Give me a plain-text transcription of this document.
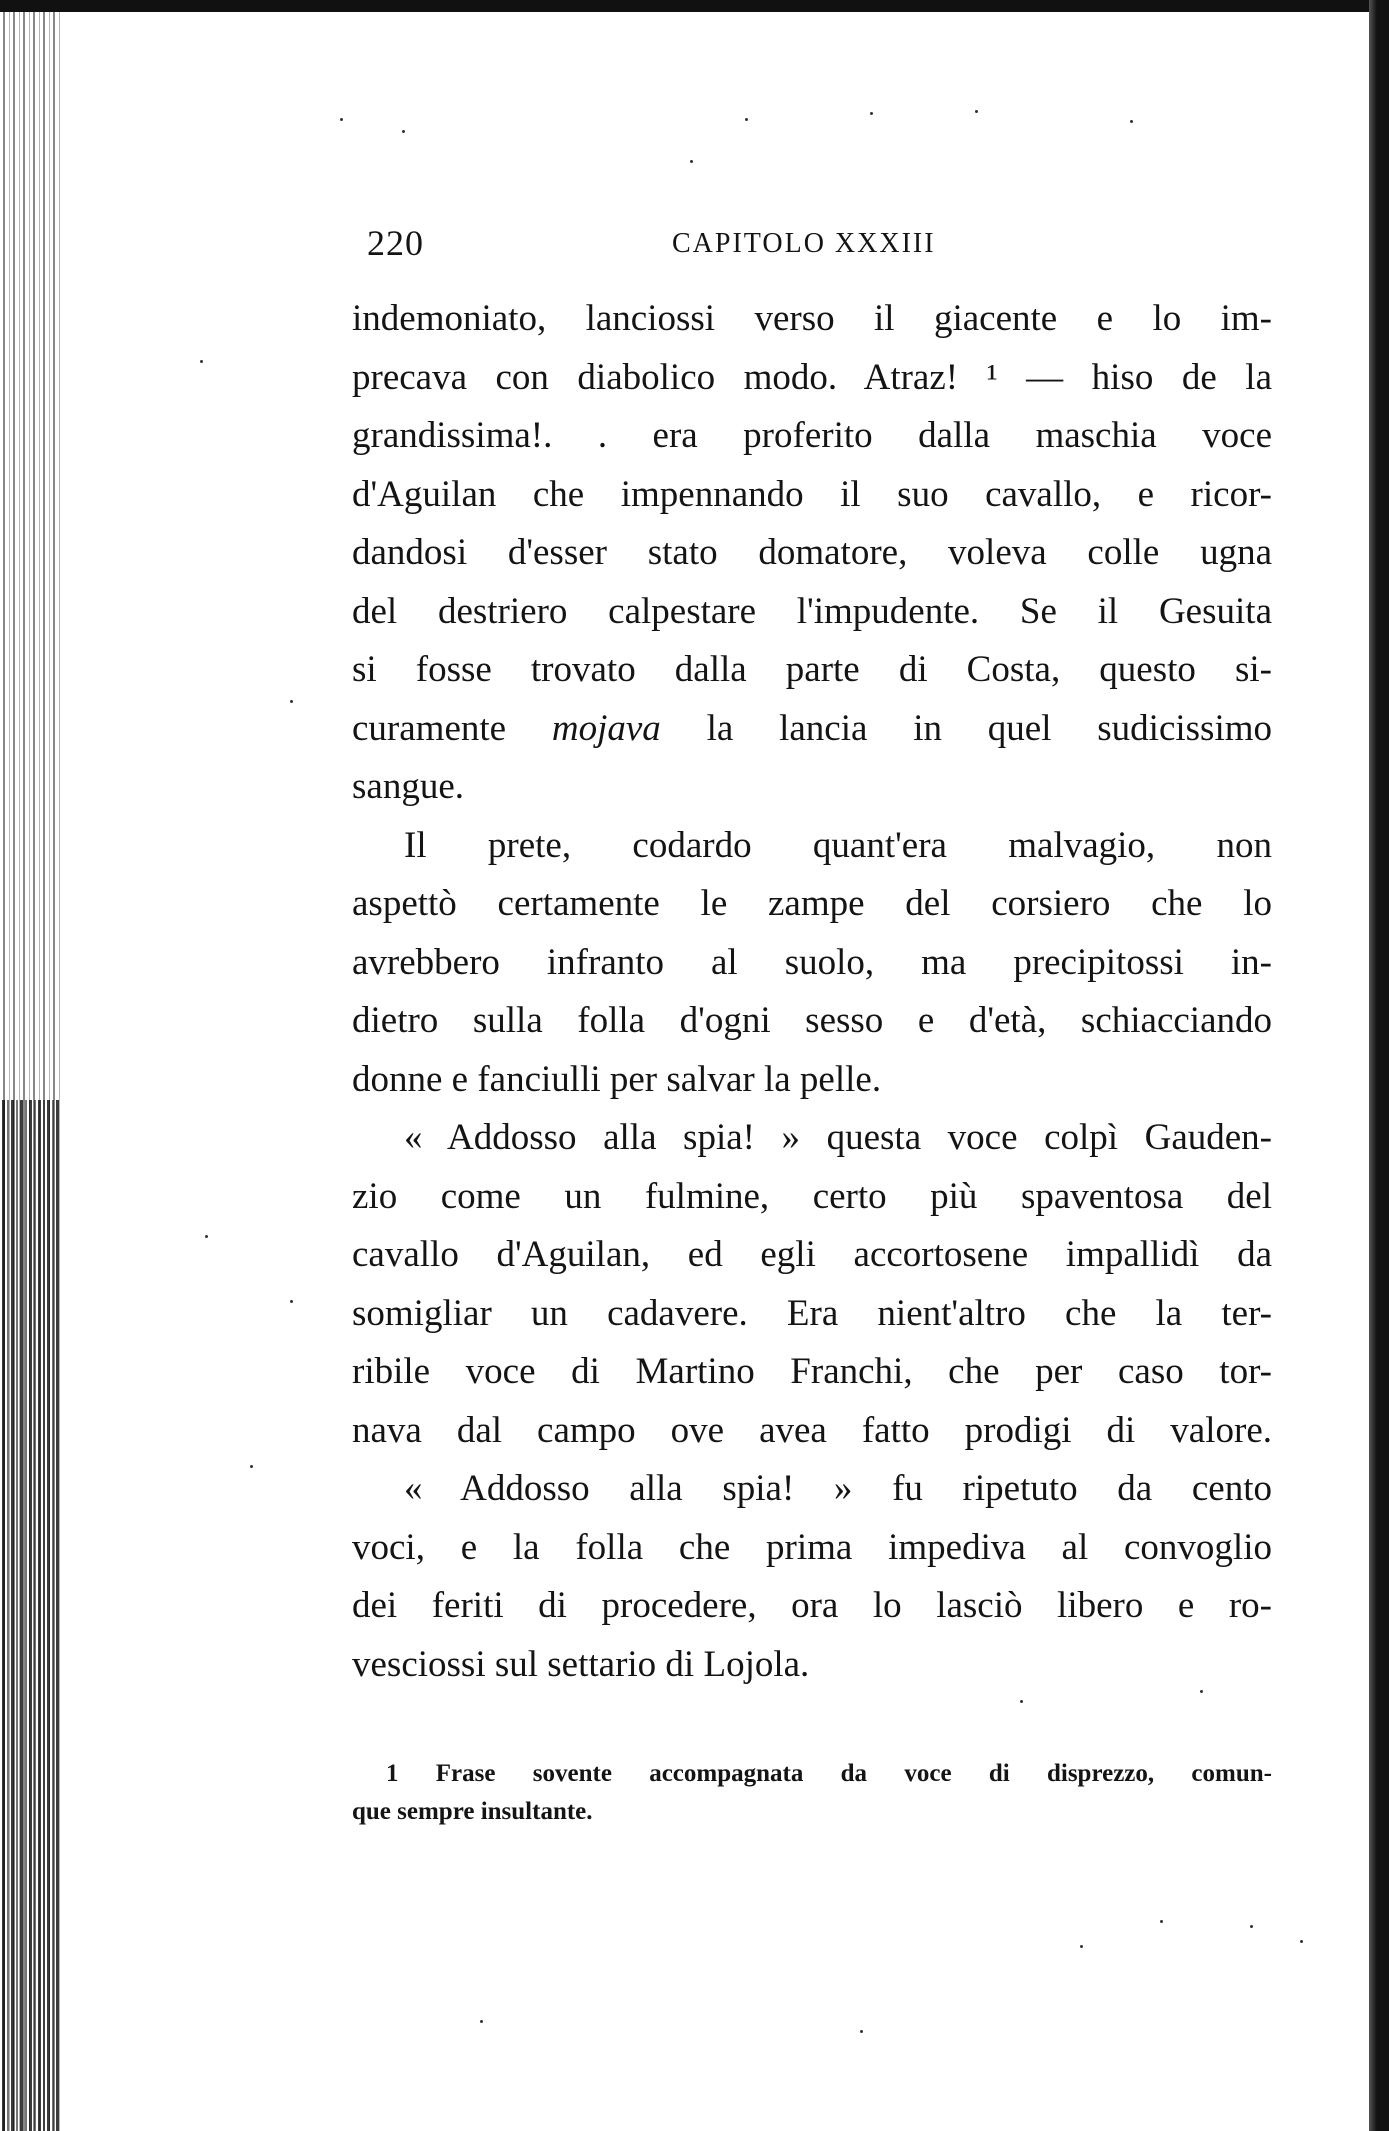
220	CAPITOLO XXXIII
indemoniato, lanciossi verso il giacente e lo im-
precava con diabolico modo. Atraz! ¹ — hiso de la
grandissima!. . era proferito dalla maschia voce
d'Aguilan che impennando il suo cavallo, e ricor-
dandosi d'esser stato domatore, voleva colle ugna
del destriero calpestare l'impudente. Se il Gesuita
si fosse trovato dalla parte di Costa, questo si-
curamente mojava la lancia in quel sudicissimo
sangue.
Il prete, codardo quant'era malvagio, non
aspettò certamente le zampe del corsiero che lo
avrebbero infranto al suolo, ma precipitossi in-
dietro sulla folla d'ogni sesso e d'età, schiacciando
donne e fanciulli per salvar la pelle.
« Addosso alla spia! » questa voce colpì Gauden-
zio come un fulmine, certo più spaventosa del
cavallo d'Aguilan, ed egli accortosene impallidì da
somigliar un cadavere. Era nient'altro che la ter-
ribile voce di Martino Franchi, che per caso tor-
nava dal campo ove avea fatto prodigi di valore.
« Addosso alla spia! » fu ripetuto da cento
voci, e la folla che prima impediva al convoglio
dei feriti di procedere, ora lo lasciò libero e ro-
vesciossi sul settario di Lojola.
1 Frase sovente accompagnata da voce di disprezzo, comun-
que sempre insultante.
